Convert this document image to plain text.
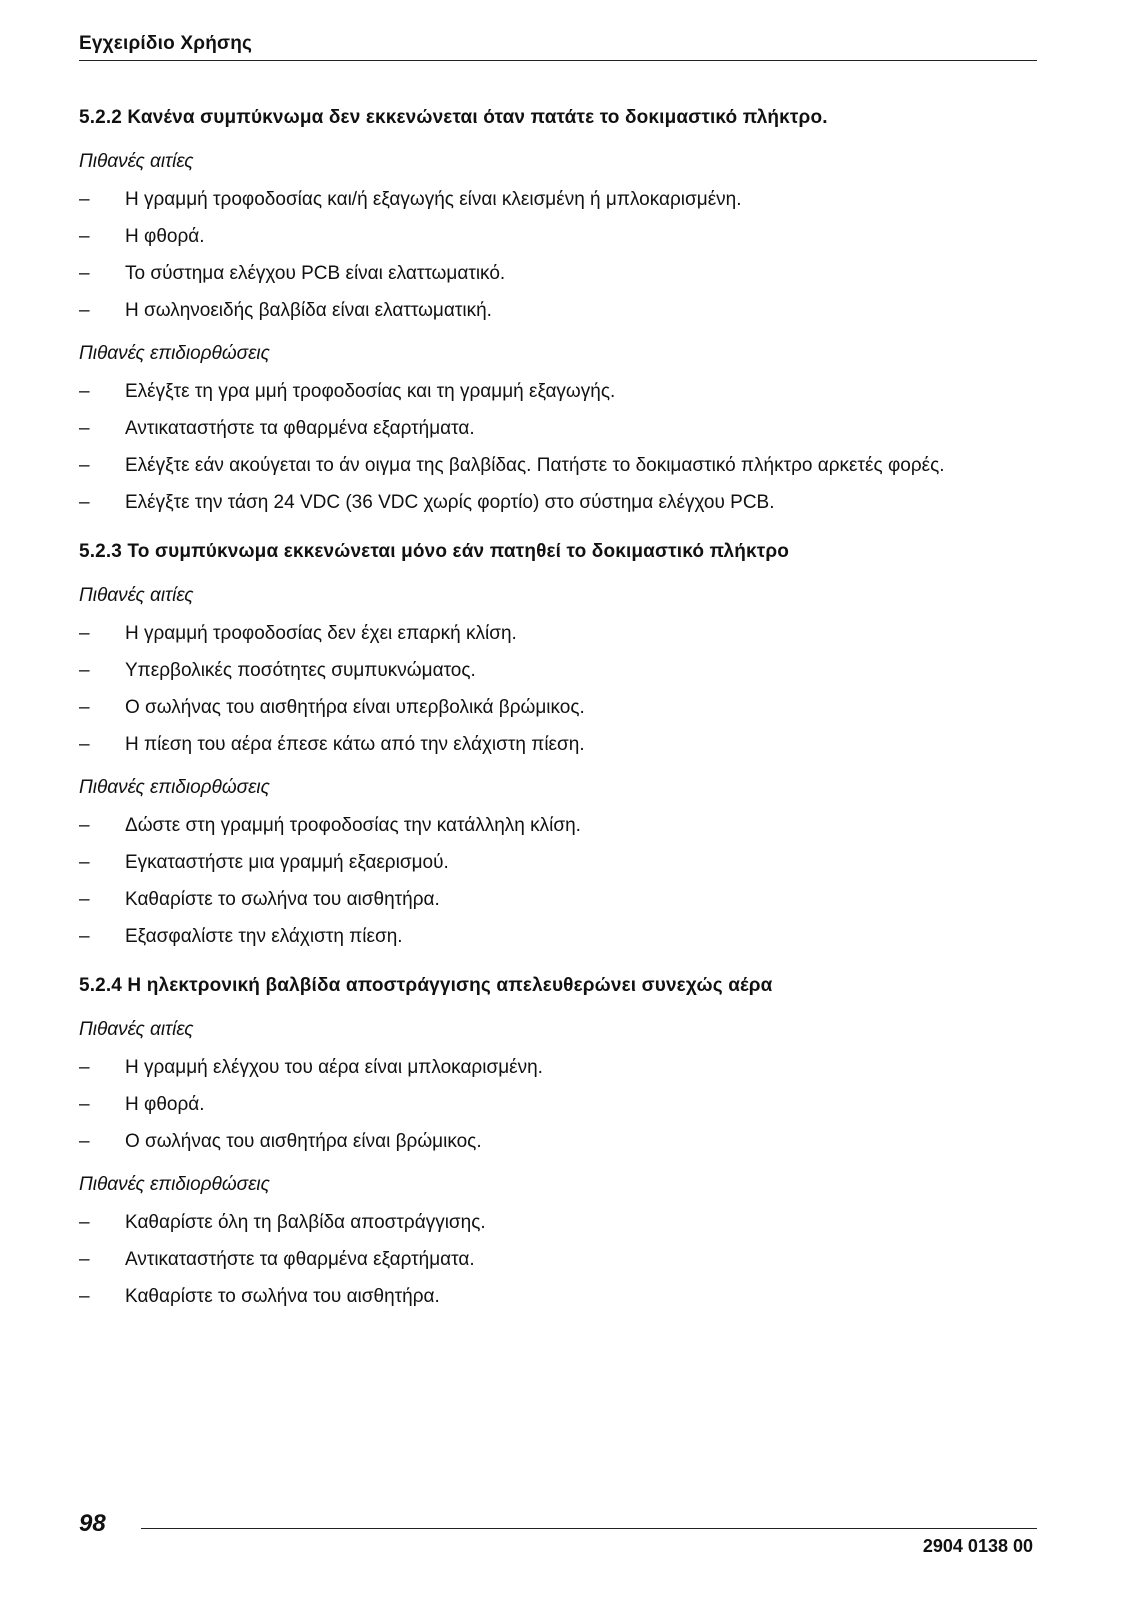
Εγχειρίδιο Χρήσης
5.2.2 Κανένα συμπύκνωμα δεν εκκενώνεται όταν πατάτε το δοκιμαστικό πλήκτρο.

Πιθανές αιτίες

– Η γραμμή τροφοδοσίας και/ή εξαγωγής είναι κλεισμένη ή μπλοκαρισμένη.
– Η φθορά.
– Το σύστημα ελέγχου PCB είναι ελαττωματικό.
– Η σωληνοειδής βαλβίδα είναι ελαττωματική.

Πιθανές επιδιορθώσεις

– Ελέγξτε τη γρα μμή τροφοδοσίας και τη γραμμή εξαγωγής.
– Αντικαταστήστε τα φθαρμένα εξαρτήματα.
– Ελέγξτε εάν ακούγεται το άν οιγμα της βαλβίδας. Πατήστε το δοκιμαστικό πλήκτρο αρκετές φορές.
– Ελέγξτε την τάση 24 VDC (36 VDC χωρίς φορτίο) στο σύστημα ελέγχου PCB.
5.2.3 Το συμπύκνωμα εκκενώνεται μόνο εάν πατηθεί το δοκιμαστικό πλήκτρο

Πιθανές αιτίες

– Η γραμμή τροφοδοσίας δεν έχει επαρκή κλίση.
– Υπερβολικές ποσότητες συμπυκνώματος.
– Ο σωλήνας του αισθητήρα είναι υπερβολικά βρώμικος.
– Η πίεση του αέρα έπεσε κάτω από την ελάχιστη πίεση.

Πιθανές επιδιορθώσεις

– Δώστε στη γραμμή τροφοδοσίας την κατάλληλη κλίση.
– Εγκαταστήστε μια γραμμή εξαερισμού.
– Καθαρίστε το σωλήνα του αισθητήρα.
– Εξασφαλίστε την ελάχιστη πίεση.
5.2.4 Η ηλεκτρονική βαλβίδα αποστράγγισης απελευθερώνει συνεχώς αέρα

Πιθανές αιτίες

– Η γραμμή ελέγχου του αέρα είναι μπλοκαρισμένη.
– Η φθορά.
– Ο σωλήνας του αισθητήρα είναι βρώμικος.

Πιθανές επιδιορθώσεις

– Καθαρίστε όλη τη βαλβίδα αποστράγγισης.
– Αντικαταστήστε τα φθαρμένα εξαρτήματα.
– Καθαρίστε το σωλήνα του αισθητήρα.
98
2904 0138 00
